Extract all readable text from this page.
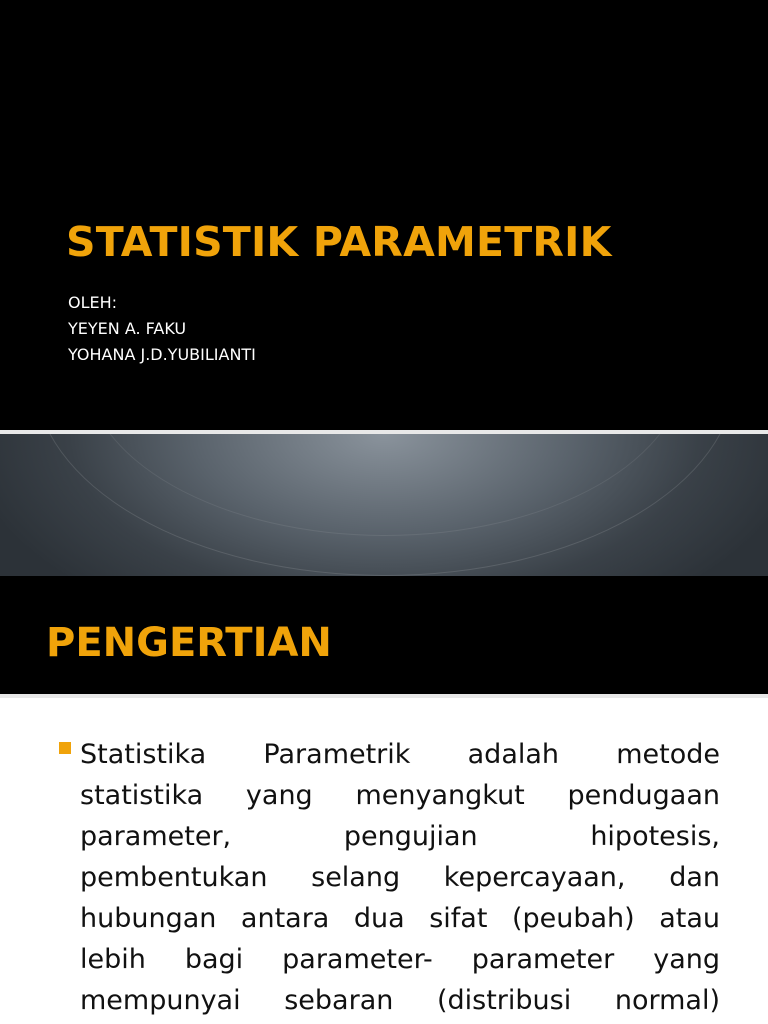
STATISTIK PARAMETRIK
OLEH:
YEYEN A. FAKU
YOHANA J.D.YUBILIANTI
PENGERTIAN
Statistika Parametrik adalah metode
statistika yang menyangkut pendugaan
parameter, pengujian hipotesis,
pembentukan selang kepercayaan, dan
hubungan antara dua sifat (peubah) atau
lebih bagi parameter- parameter yang
mempunyai sebaran (distribusi normal)
